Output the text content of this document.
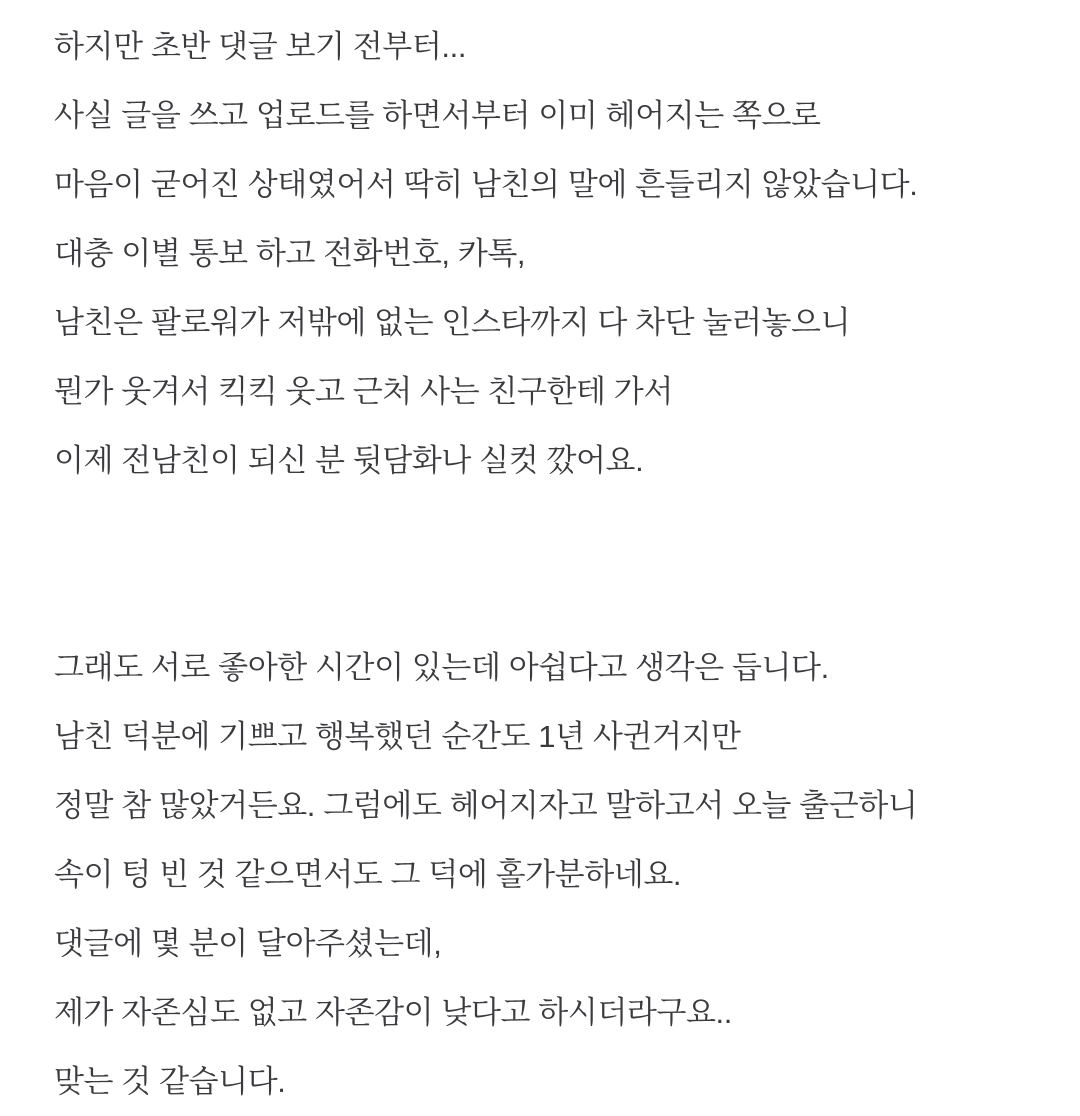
하지만 초반 댓글 보기 전부터...
사실 글을 쓰고 업로드를 하면서부터 이미 헤어지는 쪽으로
마음이 굳어진 상태였어서 딱히 남친의 말에 흔들리지 않았습니다.
대충 이별 통보 하고 전화번호, 카톡,
남친은 팔로워가 저밖에 없는 인스타까지 다 차단 눌러놓으니
뭔가 웃겨서 킥킥 웃고 근처 사는 친구한테 가서
이제 전남친이 되신 분 뒷담화나 실컷 깠어요.

그래도 서로 좋아한 시간이 있는데 아쉽다고 생각은 듭니다.
남친 덕분에 기쁘고 행복했던 순간도 1년 사귄거지만
정말 참 많았거든요. 그럼에도 헤어지자고 말하고서 오늘 출근하니
속이 텅 빈 것 같으면서도 그 덕에 홀가분하네요.
댓글에 몇 분이 달아주셨는데,
제가 자존심도 없고 자존감이 낮다고 하시더라구요..
맞는 것 같습니다.
